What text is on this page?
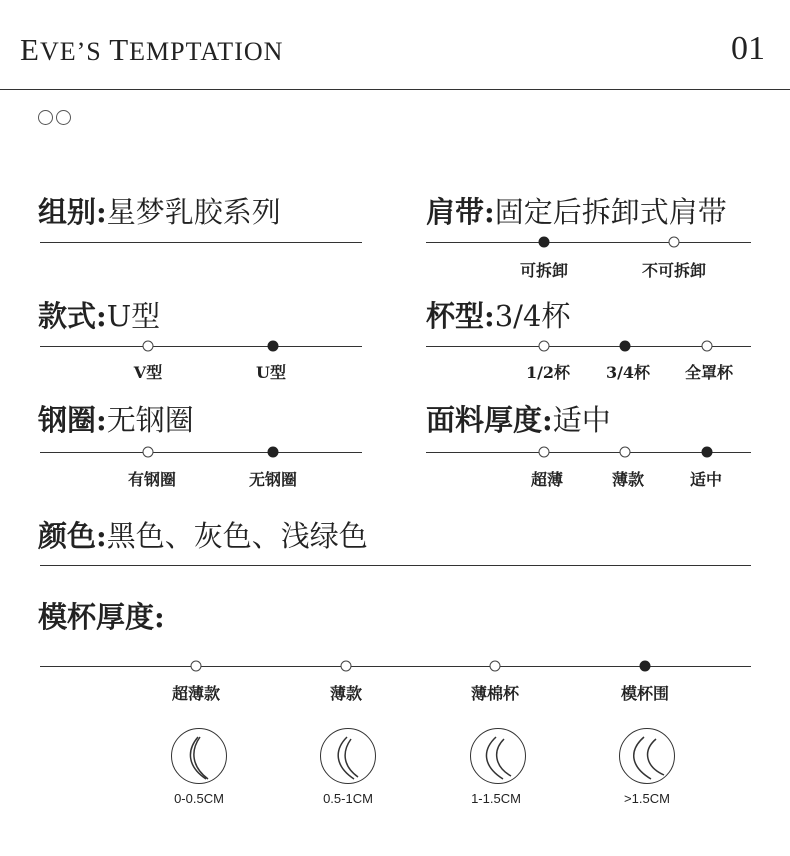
EVE’S TEMPTATION	01
组别:星梦乳胶系列	肩带:固定后拆卸式肩带
可拆卸	不可拆卸
款式:U型
V型	U型
杯型:3/4杯
1/2杯 3/4杯 全罩杯
钢圈:无钢圈
有钢圈	无钢圈
面料厚度:适中
超薄	薄款	适中
颜色:黑色、灰色、浅绿色
模杯厚度:
超薄款	薄款	薄棉杯	模杯围
0-0.5CM	0.5-1CM	1-1.5CM	>1.5CM
